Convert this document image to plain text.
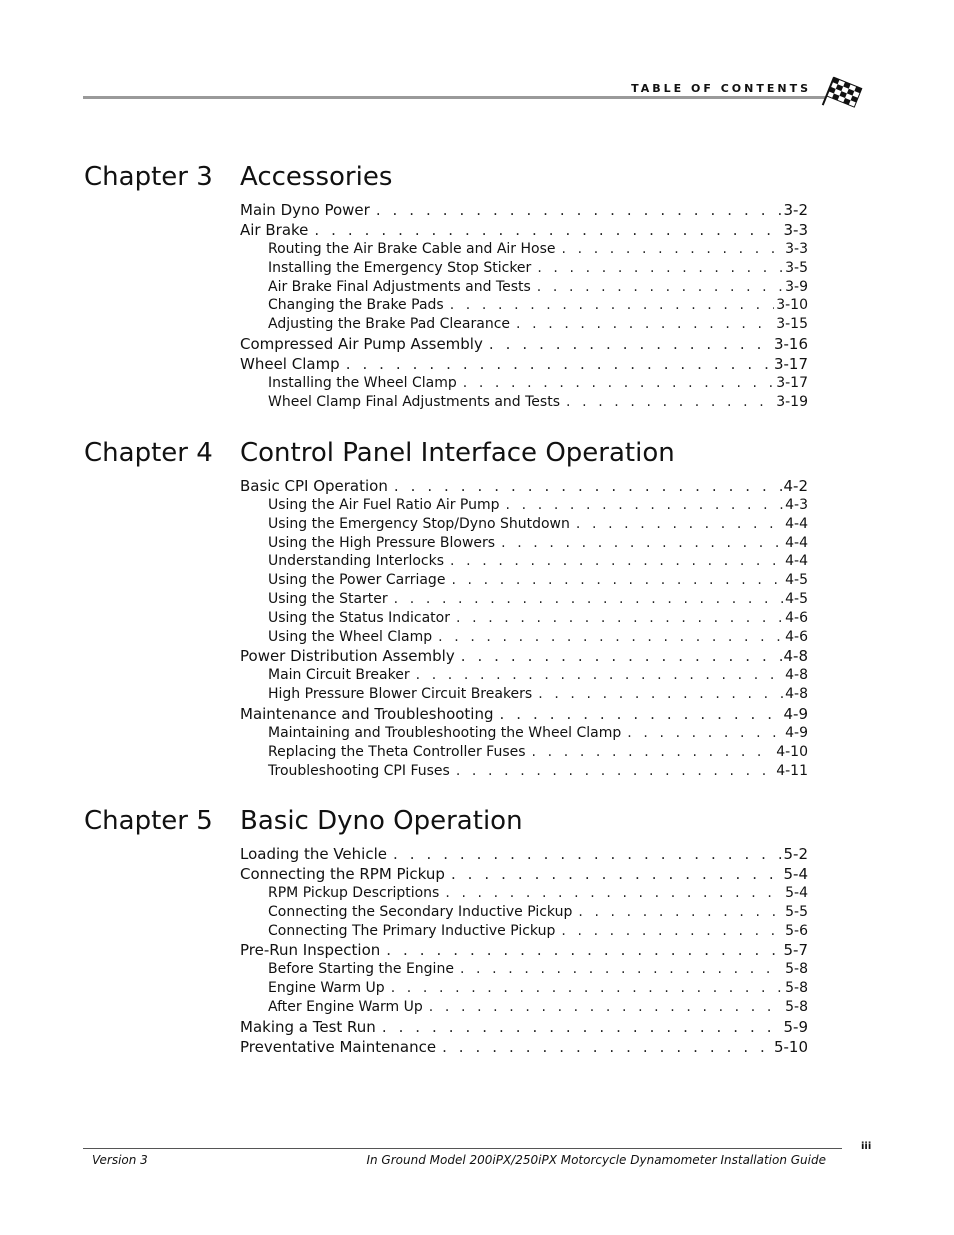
TABLE OF CONTENTS
Chapter 3 Accessories
Main Dyno Power . . .	3-2
Air Brake . . .	3-3
Routing the Air Brake Cable and Air Hose . . .	3-3
Installing the Emergency Stop Sticker . . .	3-5
Air Brake Final Adjustments and Tests . . .	3-9
Changing the Brake Pads . . .	3-10
Adjusting the Brake Pad Clearance . . .	3-15
Compressed Air Pump Assembly . . .	3-16
Wheel Clamp . . .	3-17
Installing the Wheel Clamp . . .	3-17
Wheel Clamp Final Adjustments and Tests . . .	3-19
Chapter 4 Control Panel Interface Operation
Basic CPI Operation . . .	4-2
Using the Air Fuel Ratio Air Pump . . .	4-3
Using the Emergency Stop/Dyno Shutdown . . .	4-4
Using the High Pressure Blowers . . .	4-4
Understanding Interlocks . . .	4-4
Using the Power Carriage . . .	4-5
Using the Starter . . .	4-5
Using the Status Indicator . . .	4-6
Using the Wheel Clamp . . .	4-6
Power Distribution Assembly . . .	4-8
Main Circuit Breaker . . .	4-8
High Pressure Blower Circuit Breakers . . .	4-8
Maintenance and Troubleshooting . . .	4-9
Maintaining and Troubleshooting the Wheel Clamp . . .	4-9
Replacing the Theta Controller Fuses . . .	4-10
Troubleshooting CPI Fuses . . .	4-11
Chapter 5 Basic Dyno Operation
Loading the Vehicle . . .	5-2
Connecting the RPM Pickup . . .	5-4
RPM Pickup Descriptions . . .	5-4
Connecting the Secondary Inductive Pickup . . .	5-5
Connecting The Primary Inductive Pickup . . .	5-6
Pre-Run Inspection . . .	5-7
Before Starting the Engine . . .	5-8
Engine Warm Up . . .	5-8
After Engine Warm Up . . .	5-8
Making a Test Run . . .	5-9
Preventative Maintenance . . .	5-10
Version 3	In Ground Model 200iPX/250iPX Motorcycle Dynamometer Installation Guide
iii
